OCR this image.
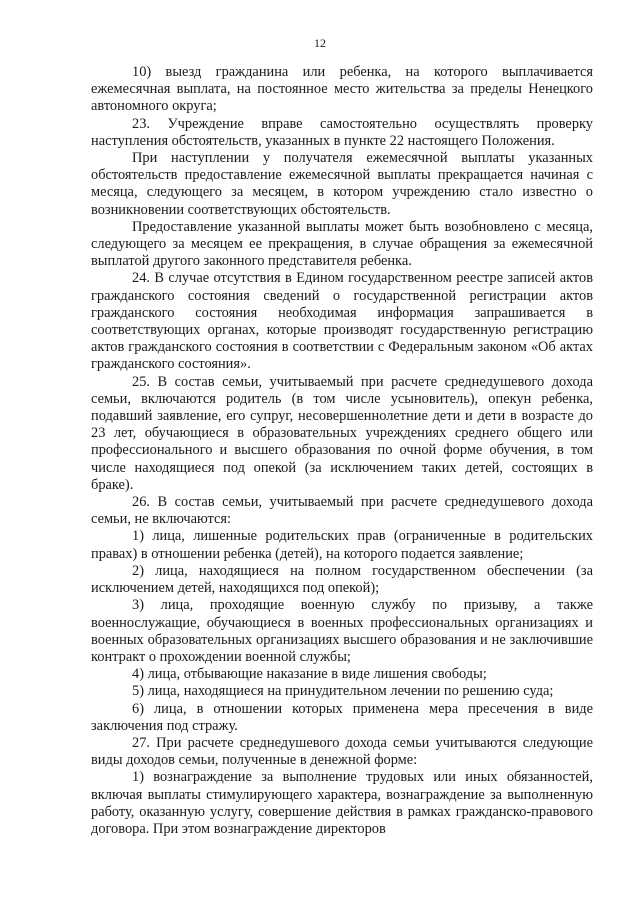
12

10) выезд гражданина или ребенка, на которого выплачивается ежемесячная выплата, на постоянное место жительства за пределы Ненецкого автономного округа;

23. Учреждение вправе самостоятельно осуществлять проверку наступления обстоятельств, указанных в пункте 22 настоящего Положения.

При наступлении у получателя ежемесячной выплаты указанных обстоятельств предоставление ежемесячной выплаты прекращается начиная с месяца, следующего за месяцем, в котором учреждению стало известно о возникновении соответствующих обстоятельств.

Предоставление указанной выплаты может быть возобновлено с месяца, следующего за месяцем ее прекращения, в случае обращения за ежемесячной выплатой другого законного представителя ребенка.

24. В случае отсутствия в Едином государственном реестре записей актов гражданского состояния сведений о государственной регистрации актов гражданского состояния необходимая информация запрашивается в соответствующих органах, которые производят государственную регистрацию актов гражданского состояния в соответствии с Федеральным законом «Об актах гражданского состояния».

25. В состав семьи, учитываемый при расчете среднедушевого дохода семьи, включаются родитель (в том числе усыновитель), опекун ребенка, подавший заявление, его супруг, несовершеннолетние дети и дети в возрасте до 23 лет, обучающиеся в образовательных учреждениях среднего общего или профессионального и высшего образования по очной форме обучения, в том числе находящиеся под опекой (за исключением таких детей, состоящих в браке).

26. В состав семьи, учитываемый при расчете среднедушевого дохода семьи, не включаются:

1) лица, лишенные родительских прав (ограниченные в родительских правах) в отношении ребенка (детей), на которого подается заявление;

2) лица, находящиеся на полном государственном обеспечении (за исключением детей, находящихся под опекой);

3) лица, проходящие военную службу по призыву, а также военнослужащие, обучающиеся в военных профессиональных организациях и военных образовательных организациях высшего образования и не заключившие контракт о прохождении военной службы;

4) лица, отбывающие наказание в виде лишения свободы;

5) лица, находящиеся на принудительном лечении по решению суда;

6) лица, в отношении которых применена мера пресечения в виде заключения под стражу.

27. При расчете среднедушевого дохода семьи учитываются следующие виды доходов семьи, полученные в денежной форме:

1) вознаграждение за выполнение трудовых или иных обязанностей, включая выплаты стимулирующего характера, вознаграждение за выполненную работу, оказанную услугу, совершение действия в рамках гражданско-правового договора. При этом вознаграждение директоров
